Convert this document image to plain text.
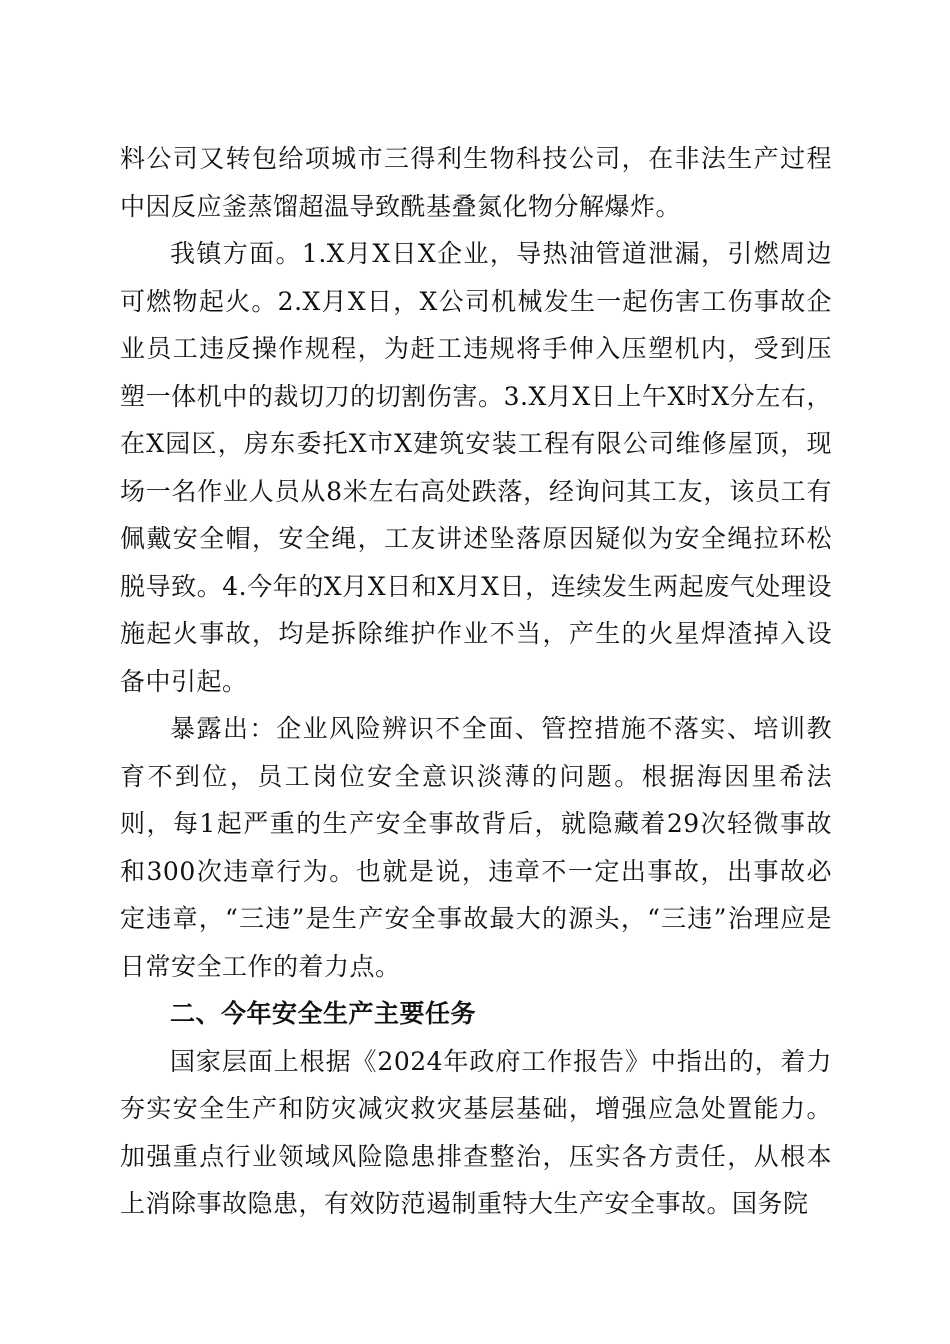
料公司又转包给项城市三得利生物科技公司，在非法生产过程中因反应釜蒸馏超温导致酰基叠氮化物分解爆炸。

我镇方面。1.X月X日X企业，导热油管道泄漏，引燃周边可燃物起火。2.X月X日，X公司机械发生一起伤害工伤事故企业员工违反操作规程，为赶工违规将手伸入压塑机内，受到压塑一体机中的裁切刀的切割伤害。3.X月X日上午X时X分左右，在X园区，房东委托X市X建筑安装工程有限公司维修屋顶，现场一名作业人员从8米左右高处跌落，经询问其工友，该员工有佩戴安全帽，安全绳，工友讲述坠落原因疑似为安全绳拉环松脱导致。4.今年的X月X日和X月X日，连续发生两起废气处理设施起火事故，均是拆除维护作业不当，产生的火星焊渣掉入设备中引起。

暴露出：企业风险辨识不全面、管控措施不落实、培训教育不到位，员工岗位安全意识淡薄的问题。根据海因里希法则，每1起严重的生产安全事故背后，就隐藏着29次轻微事故和300次违章行为。也就是说，违章不一定出事故，出事故必定违章，“三违”是生产安全事故最大的源头，“三违”治理应是日常安全工作的着力点。

二、今年安全生产主要任务

国家层面上根据《2024年政府工作报告》中指出的，着力夯实安全生产和防灾减灾救灾基层基础，增强应急处置能力。加强重点行业领域风险隐患排查整治，压实各方责任，从根本上消除事故隐患，有效防范遏制重特大生产安全事故。国务院
